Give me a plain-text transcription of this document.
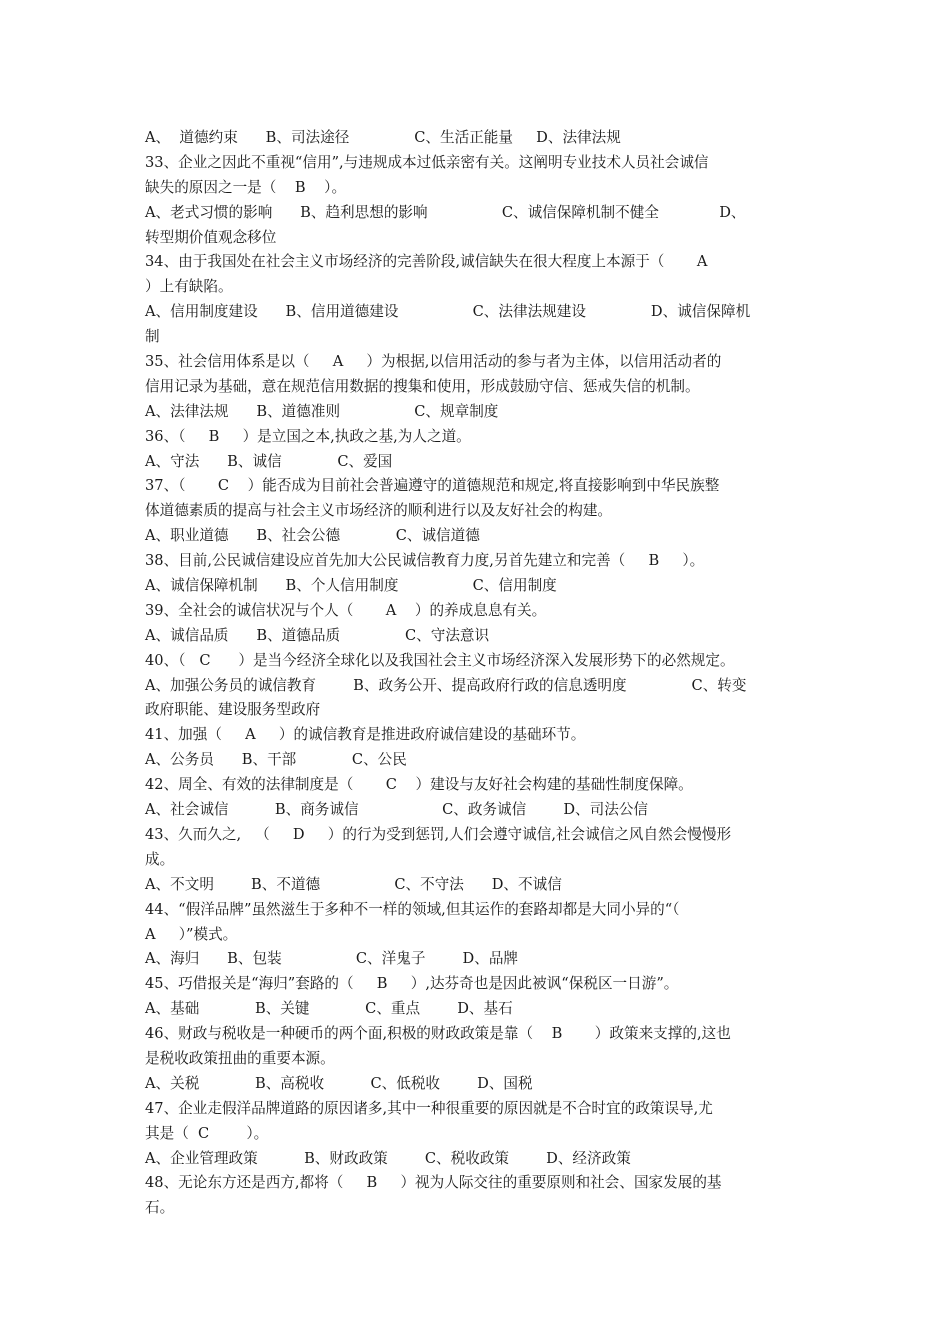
A、  道德约束      B、司法途径              C、生活正能量     D、法律法规
33、企业之因此不重视“信用”,与违规成本过低亲密有关。这阐明专业技术人员社会诚信
缺失的原因之一是（    B    ）。
A、老式习惯的影响      B、趋利思想的影响                C、诚信保障机制不健全             D、
转型期价值观念移位
34、由于我国处在社会主义市场经济的完善阶段,诚信缺失在很大程度上本源于（       A
）上有缺陷。
A、信用制度建设      B、信用道德建设                C、法律法规建设              D、诚信保障机
制
35、社会信用体系是以（     A     ）为根据,以信用活动的参与者为主体，以信用活动者的
信用记录为基础，意在规范信用数据的搜集和使用，形成鼓励守信、惩戒失信的机制。
A、法律法规      B、道德准则                C、规章制度
36、（     B     ）是立国之本,执政之基,为人之道。
A、守法      B、诚信            C、爱国
37、（       C    ）能否成为目前社会普遍遵守的道德规范和规定,将直接影响到中华民族整
体道德素质的提高与社会主义市场经济的顺利进行以及友好社会的构建。
A、职业道德      B、社会公德            C、诚信道德
38、目前,公民诚信建设应首先加大公民诚信教育力度,另首先建立和完善（     B     ）。
A、诚信保障机制      B、个人信用制度                C、信用制度
39、全社会的诚信状况与个人（       A    ）的养成息息有关。
A、诚信品质      B、道德品质              C、守法意识
40、（   C      ）是当今经济全球化以及我国社会主义市场经济深入发展形势下的必然规定。
A、加强公务员的诚信教育        B、政务公开、提高政府行政的信息透明度              C、转变
政府职能、建设服务型政府
41、加强（     A     ）的诚信教育是推进政府诚信建设的基础环节。
A、公务员      B、干部            C、公民
42、周全、有效的法律制度是（       C    ）建设与友好社会构建的基础性制度保障。
A、社会诚信          B、商务诚信                  C、政务诚信        D、司法公信
43、久而久之,   （     D     ）的行为受到惩罚,人们会遵守诚信,社会诚信之风自然会慢慢形
成。
A、不文明        B、不道德                C、不守法      D、不诚信
44、“假洋品牌”虽然滋生于多种不一样的领域,但其运作的套路却都是大同小异的“（
A     ）”模式。
A、海归      B、包装                C、洋鬼子        D、品牌
45、巧借报关是“海归”套路的（     B     ）,达芬奇也是因此被讽“保税区一日游”。
A、基础            B、关键            C、重点        D、基石
46、财政与税收是一种硬币的两个面,积极的财政政策是靠（    B       ）政策来支撑的,这也
是税收政策扭曲的重要本源。
A、关税            B、高税收          C、低税收        D、国税
47、企业走假洋品牌道路的原因诸多,其中一种很重要的原因就是不合时宜的政策误导,尤
其是（  C        ）。
A、企业管理政策          B、财政政策        C、税收政策        D、经济政策
48、无论东方还是西方,都将（     B     ）视为人际交往的重要原则和社会、国家发展的基
石。
